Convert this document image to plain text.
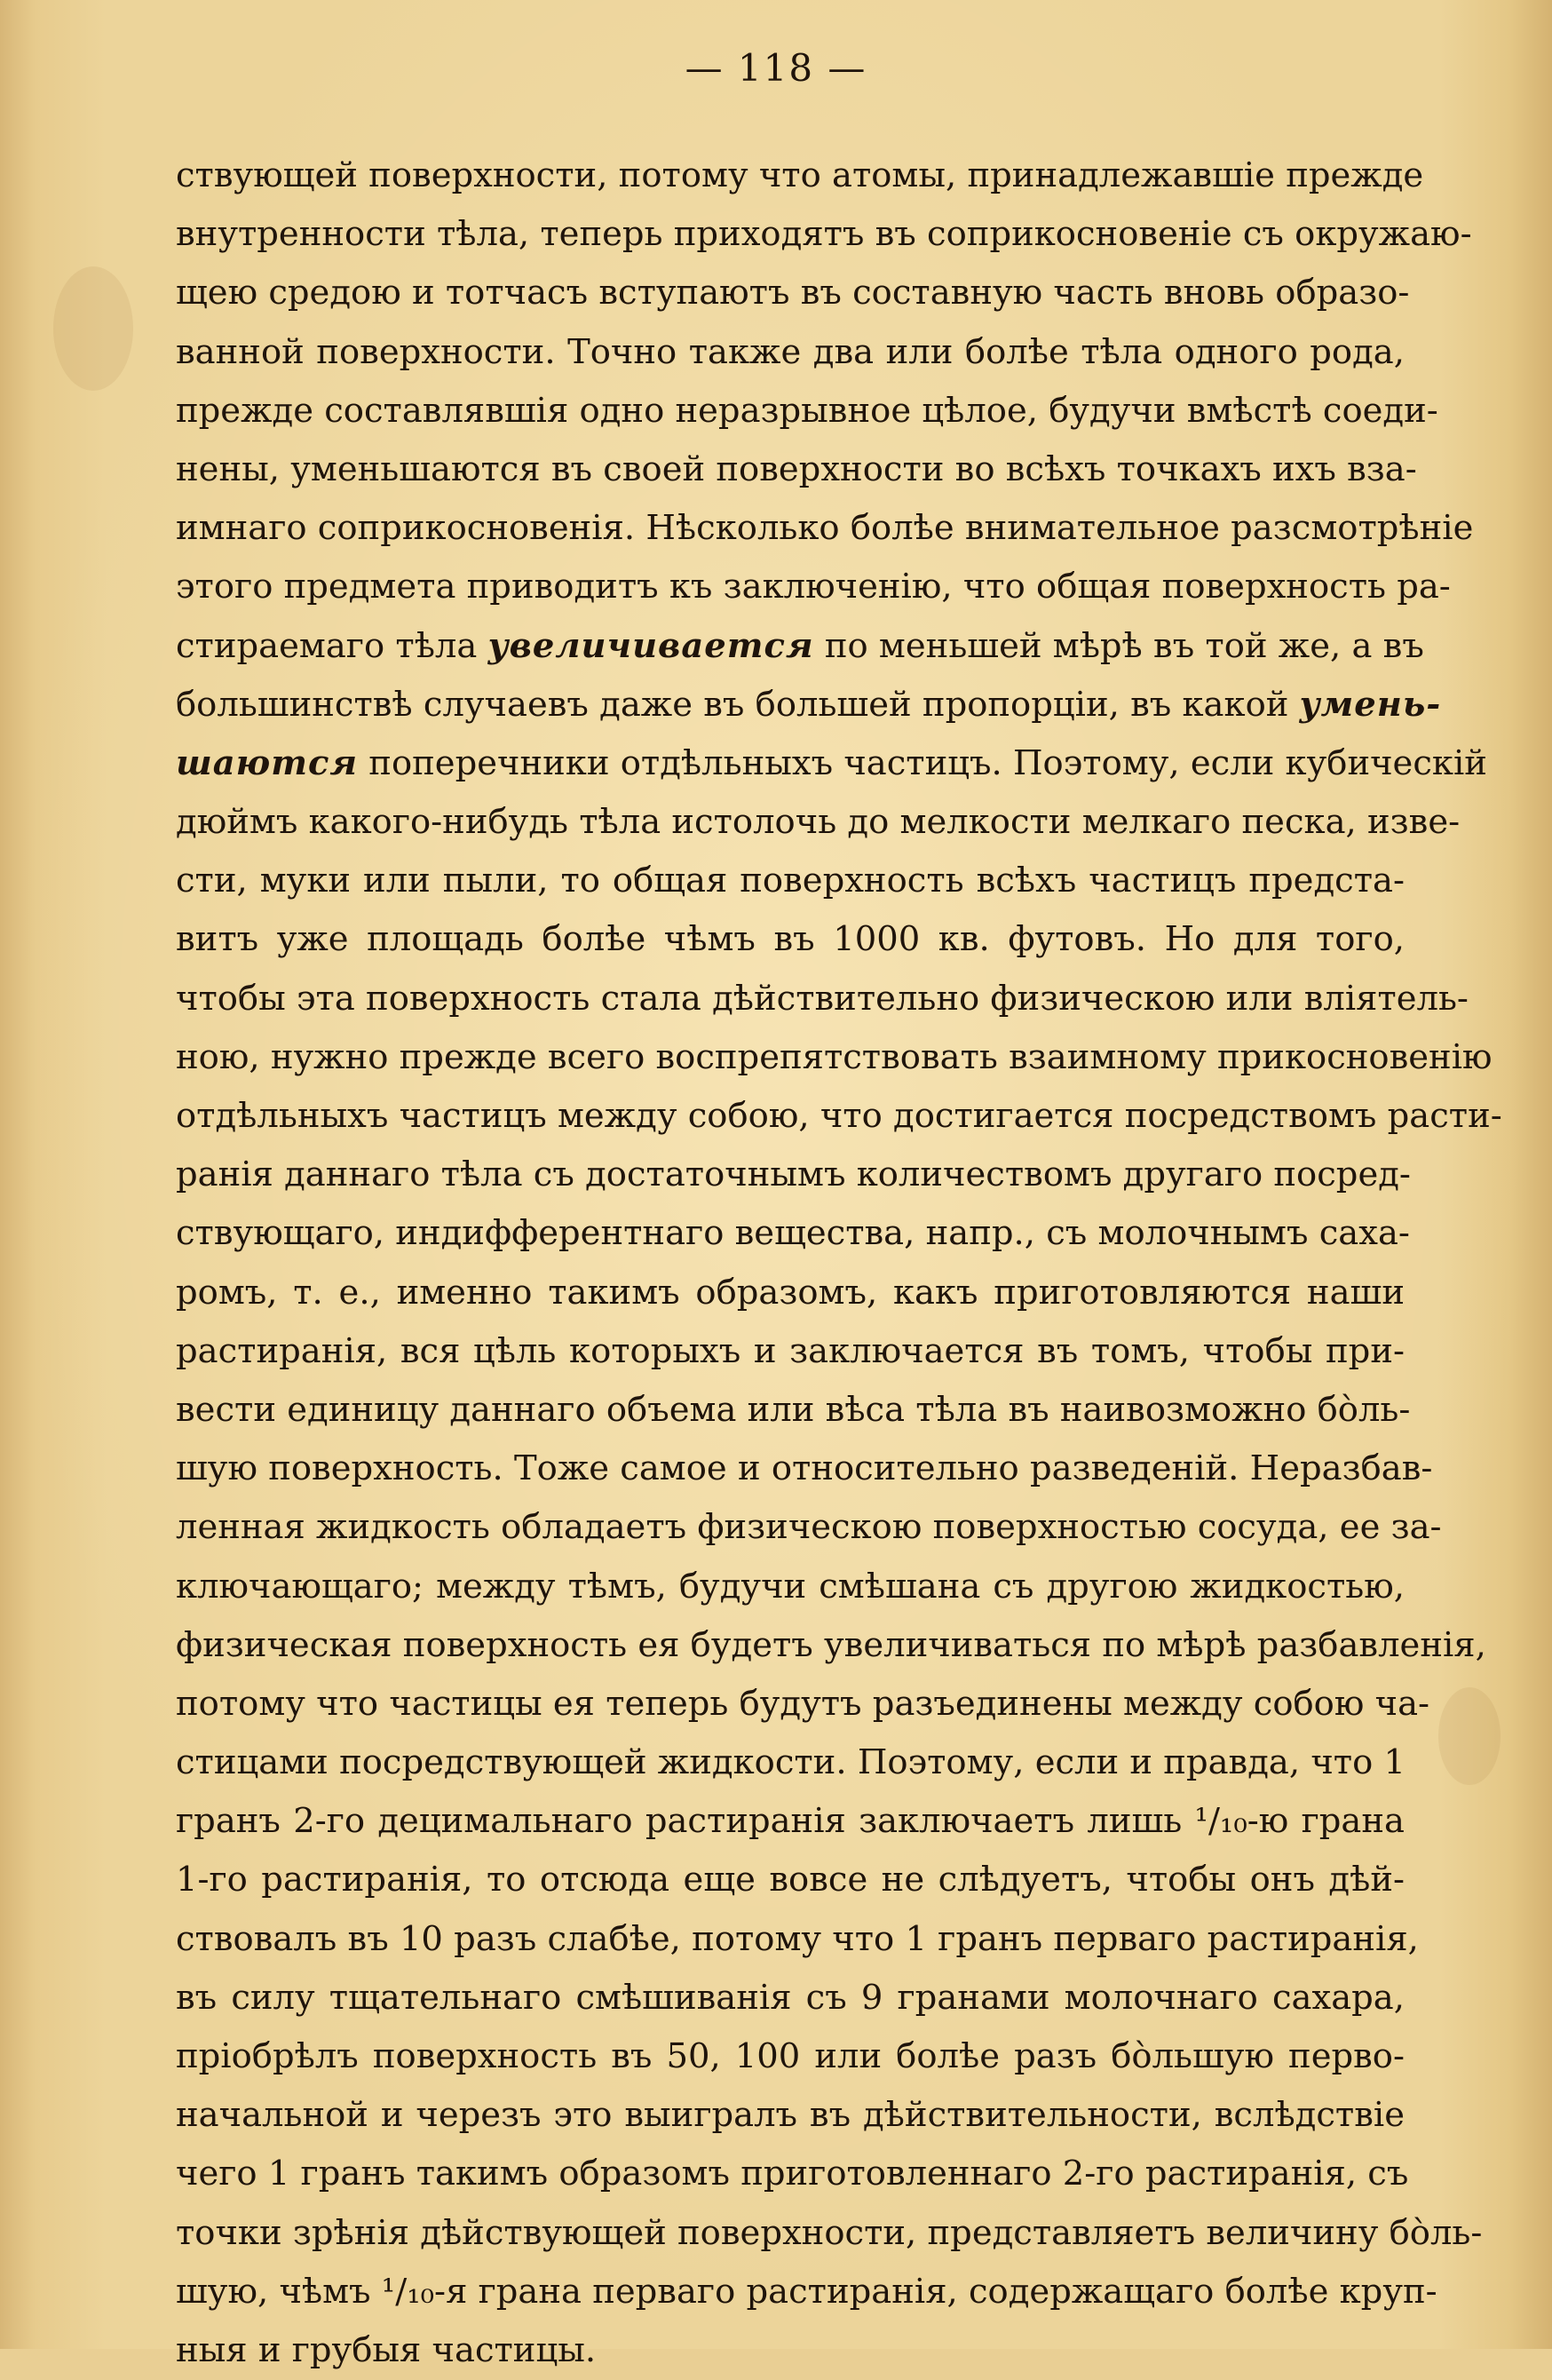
— 118 —
ствующей поверхности, потому что атомы, принадлежавшіе прежде
внутренности тѣла, теперь приходятъ въ соприкосновеніе съ окружаю-
щею средою и тотчасъ вступаютъ въ составную часть вновь образо-
ванной поверхности. Точно также два или болѣе тѣла одного рода,
прежде составлявшія одно неразрывное цѣлое, будучи вмѣстѣ соеди-
нены, уменьшаются въ своей поверхности во всѣхъ точкахъ ихъ вза-
имнаго соприкосновенія. Нѣсколько болѣе внимательное разсмотрѣніе
этого предмета приводитъ къ заключенію, что общая поверхность ра-
стираемаго тѣла увеличивается по меньшей мѣрѣ въ той же, а въ
большинствѣ случаевъ даже въ большей пропорціи, въ какой умень-
шаются поперечники отдѣльныхъ частицъ. Поэтому, если кубическій
дюймъ какого-нибудь тѣла истолочь до мелкости мелкаго песка, изве-
сти, муки или пыли, то общая поверхность всѣхъ частицъ предста-
витъ уже площадь болѣе чѣмъ въ 1000 кв. футовъ. Но для того,
чтобы эта поверхность стала дѣйствительно физическою или вліятель-
ною, нужно прежде всего воспрепятствовать взаимному прикосновенію
отдѣльныхъ частицъ между собою, что достигается посредствомъ расти-
ранія даннаго тѣла съ достаточнымъ количествомъ другаго посред-
ствующаго, индифферентнаго вещества, напр., съ молочнымъ саха-
ромъ, т. е., именно такимъ образомъ, какъ приготовляются наши
растиранія, вся цѣль которыхъ и заключается въ томъ, чтобы при-
вести единицу даннаго объема или вѣса тѣла въ наивозможно бо̀ль-
шую поверхность. Тоже самое и относительно разведеній. Неразбав-
ленная жидкость обладаетъ физическою поверхностью сосуда, ее за-
ключающаго; между тѣмъ, будучи смѣшана съ другою жидкостью,
физическая поверхность ея будетъ увеличиваться по мѣрѣ разбавленія,
потому что частицы ея теперь будутъ разъединены между собою ча-
стицами посредствующей жидкости. Поэтому, если и правда, что 1
гранъ 2-го децимальнаго растиранія заключаетъ лишь ¹/₁₀-ю грана
1-го растиранія, то отсюда еще вовсе не слѣдуетъ, чтобы онъ дѣй-
ствовалъ въ 10 разъ слабѣе, потому что 1 гранъ перваго растиранія,
въ силу тщательнаго смѣшиванія съ 9 гранами молочнаго сахара,
пріобрѣлъ поверхность въ 50, 100 или болѣе разъ бо̀льшую перво-
начальной и черезъ это выигралъ въ дѣйствительности, вслѣдствіе
чего 1 гранъ такимъ образомъ приготовленнаго 2-го растиранія, съ
точки зрѣнія дѣйствующей поверхности, представляетъ величину бо̀ль-
шую, чѣмъ ¹/₁₀-я грана перваго растиранія, содержащаго болѣе круп-
ныя и грубыя частицы.
